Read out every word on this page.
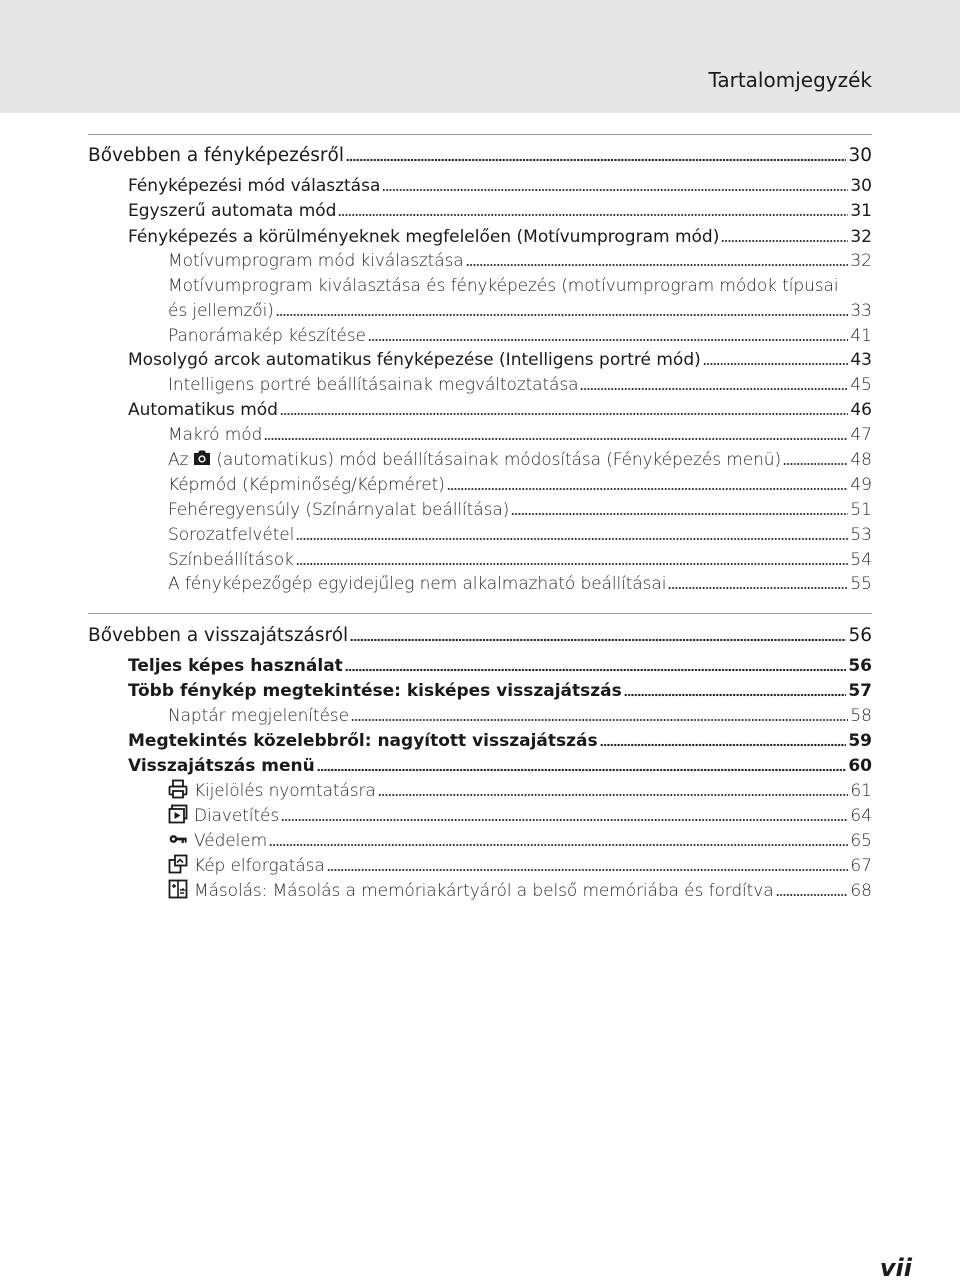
Tartalomjegyzék
Bővebben a fényképezésről	30
Fényképezési mód választása	30
Egyszerű automata mód	31
Fényképezés a körülményeknek megfelelően (Motívumprogram mód)	32
Motívumprogram mód kiválasztása	32
Motívumprogram kiválasztása és fényképezés (motívumprogram módok típusai
és jellemzői)	33
Panorámakép készítése	41
Mosolygó arcok automatikus fényképezése (Intelligens portré mód)	43
Intelligens portré beállításainak megváltoztatása	45
Automatikus mód	46
Makró mód	47
Az (automatikus) mód beállításainak módosítása (Fényképezés menü)	48
Képmód (Képminőség/Képméret)	49
Fehéregyensúly (Színárnyalat beállítása)	51
Sorozatfelvétel	53
Színbeállítások	54
A fényképezőgép egyidejűleg nem alkalmazható beállításai	55
Bővebben a visszajátszásról	56
Teljes képes használat	56
Több fénykép megtekintése: kisképes visszajátszás	57
Naptár megjelenítése	58
Megtekintés közelebbről: nagyított visszajátszás	59
Visszajátszás menü	60
Kijelölés nyomtatásra	61
Diavetítés	64
Védelem	65
Kép elforgatása	67
Másolás: Másolás a memóriakártyáról a belső memóriába és fordítva	68
vii
